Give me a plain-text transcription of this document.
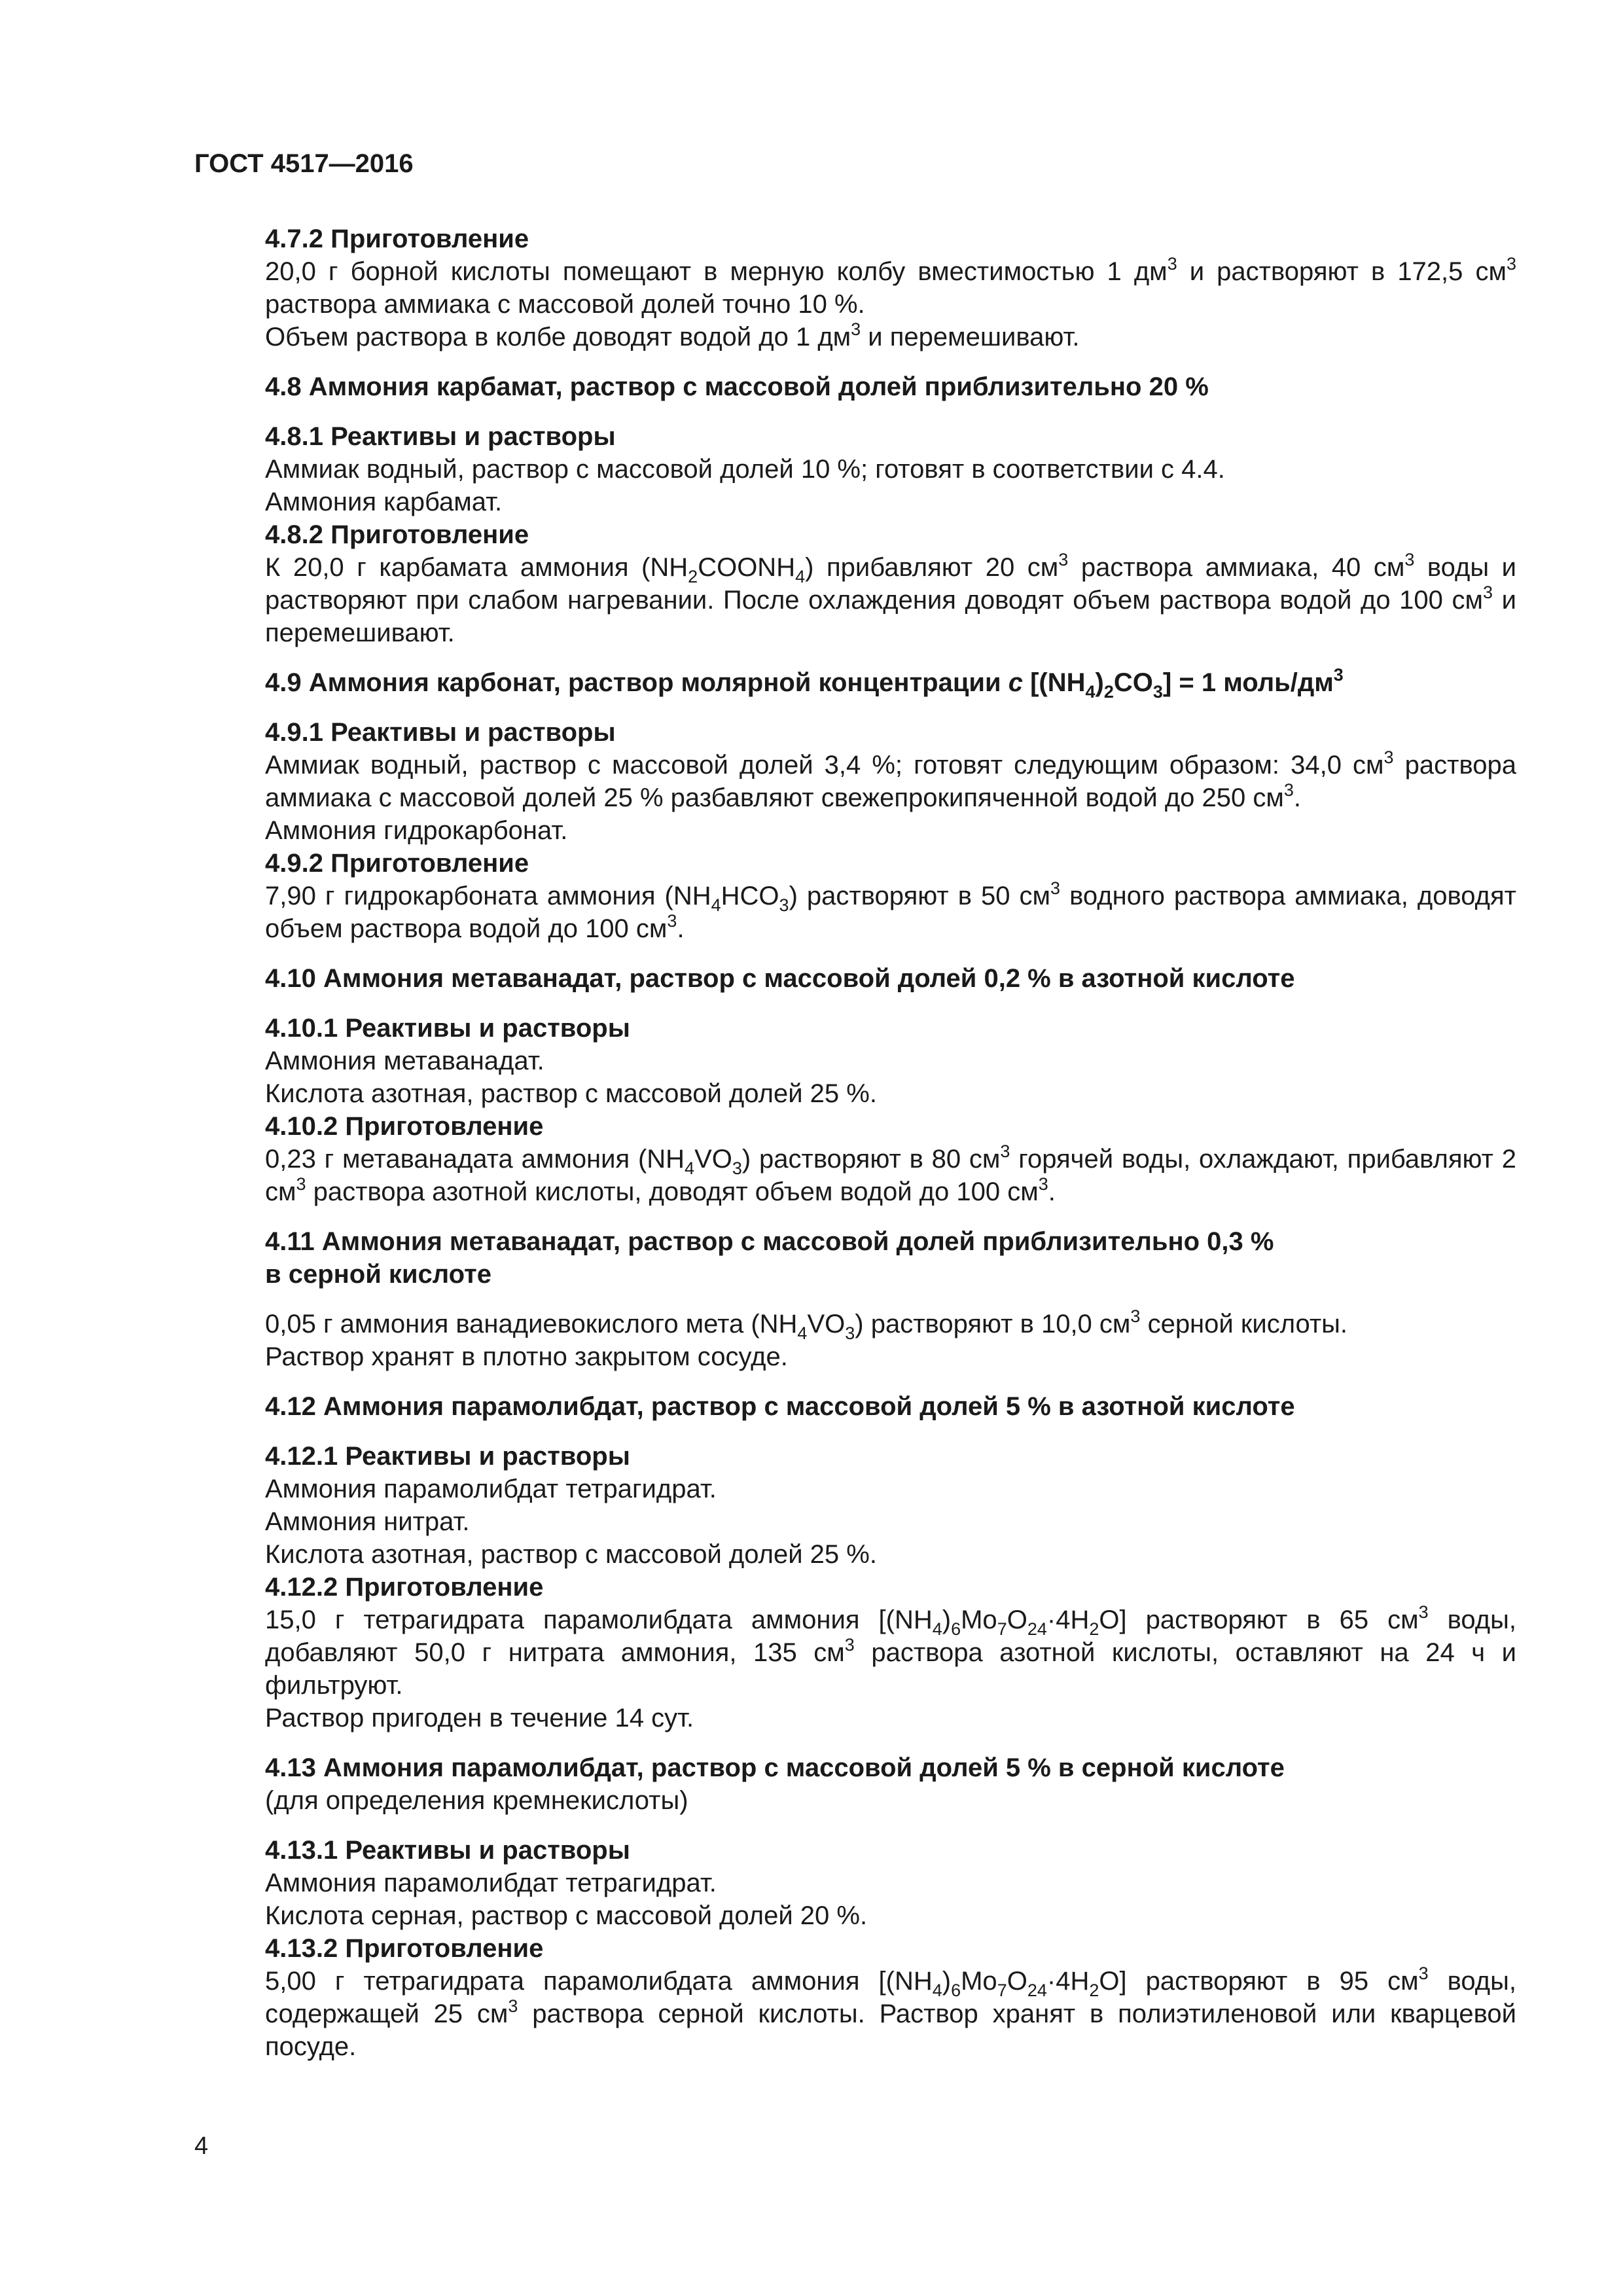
ГОСТ 4517—2016

4.7.2 Приготовление

20,0 г борной кислоты помещают в мерную колбу вместимостью 1 $дм^3$ и растворяют в 172,5 $см^3$ раствора аммиака с массовой долей точно 10 %.

Объем раствора в колбе доводят водой до 1 $дм^3$ и перемешивают.

4.8 Аммония карбамат, раствор с массовой долей приблизительно 20 %

4.8.1 Реактивы и растворы

Аммиак водный, раствор с массовой долей 10 %; готовят в соответствии с 4.4.

Аммония карбамат.

4.8.2 Приготовление

К 20,0 г карбамата аммония $(NH_2COONH_4)$ прибавляют 20 $см^3$ раствора аммиака, 40 $см^3$ воды и растворяют при слабом нагревании. После охлаждения доводят объем раствора водой до 100 $см^3$ и перемешивают.

4.9 Аммония карбонат, раствор молярной концентрации c $[(NH_4)_2CO_3] = 1$ моль/$дм^3$

4.9.1 Реактивы и растворы

Аммиак водный, раствор с массовой долей 3,4 %; готовят следующим образом: 34,0 $см^3$ раствора аммиака с массовой долей 25 % разбавляют свежепрокипяченной водой до 250 $см^3$.

Аммония гидрокарбонат.

4.9.2 Приготовление

7,90 г гидрокарбоната аммония $(NH_4HCO_3)$ растворяют в 50 $см^3$ водного раствора аммиака, доводят объем раствора водой до 100 $см^3$.

4.10 Аммония метаванадат, раствор с массовой долей 0,2 % в азотной кислоте

4.10.1 Реактивы и растворы

Аммония метаванадат.

Кислота азотная, раствор с массовой долей 25 %.

4.10.2 Приготовление

0,23 г метаванадата аммония $(NH_4VO_3)$ растворяют в 80 $см^3$ горячей воды, охлаждают, прибавляют 2 $см^3$ раствора азотной кислоты, доводят объем водой до 100 $см^3$.

4.11 Аммония метаванадат, раствор с массовой долей приблизительно 0,3 %

в серной кислоте

0,05 г аммония ванадиевокислого мета $(NH_4VO_3)$ растворяют в 10,0 $см^3$ серной кислоты.

Раствор хранят в плотно закрытом сосуде.

4.12 Аммония парамолибдат, раствор с массовой долей 5 % в азотной кислоте

4.12.1 Реактивы и растворы

Аммония парамолибдат тетрагидрат.

Аммония нитрат.

Кислота азотная, раствор с массовой долей 25 %.

4.12.2 Приготовление

15,0 г тетрагидрата парамолибдата аммония $[(NH_4)_6Mo_7O_{24}\cdot 4H_2O]$ растворяют в 65 $см^3$ воды, добавляют 50,0 г нитрата аммония, 135 $см^3$ раствора азотной кислоты, оставляют на 24 ч и фильтруют.

Раствор пригоден в течение 14 сут.

4.13 Аммония парамолибдат, раствор с массовой долей 5 % в серной кислоте

(для определения кремнекислоты)

4.13.1 Реактивы и растворы

Аммония парамолибдат тетрагидрат.

Кислота серная, раствор с массовой долей 20 %.

4.13.2 Приготовление

5,00 г тетрагидрата парамолибдата аммония $[(NH_4)_6Mo_7O_{24}\cdot 4H_2O]$ растворяют в 95 $см^3$ воды, содержащей 25 $см^3$ раствора серной кислоты. Раствор хранят в полиэтиленовой или кварцевой посуде.

4
